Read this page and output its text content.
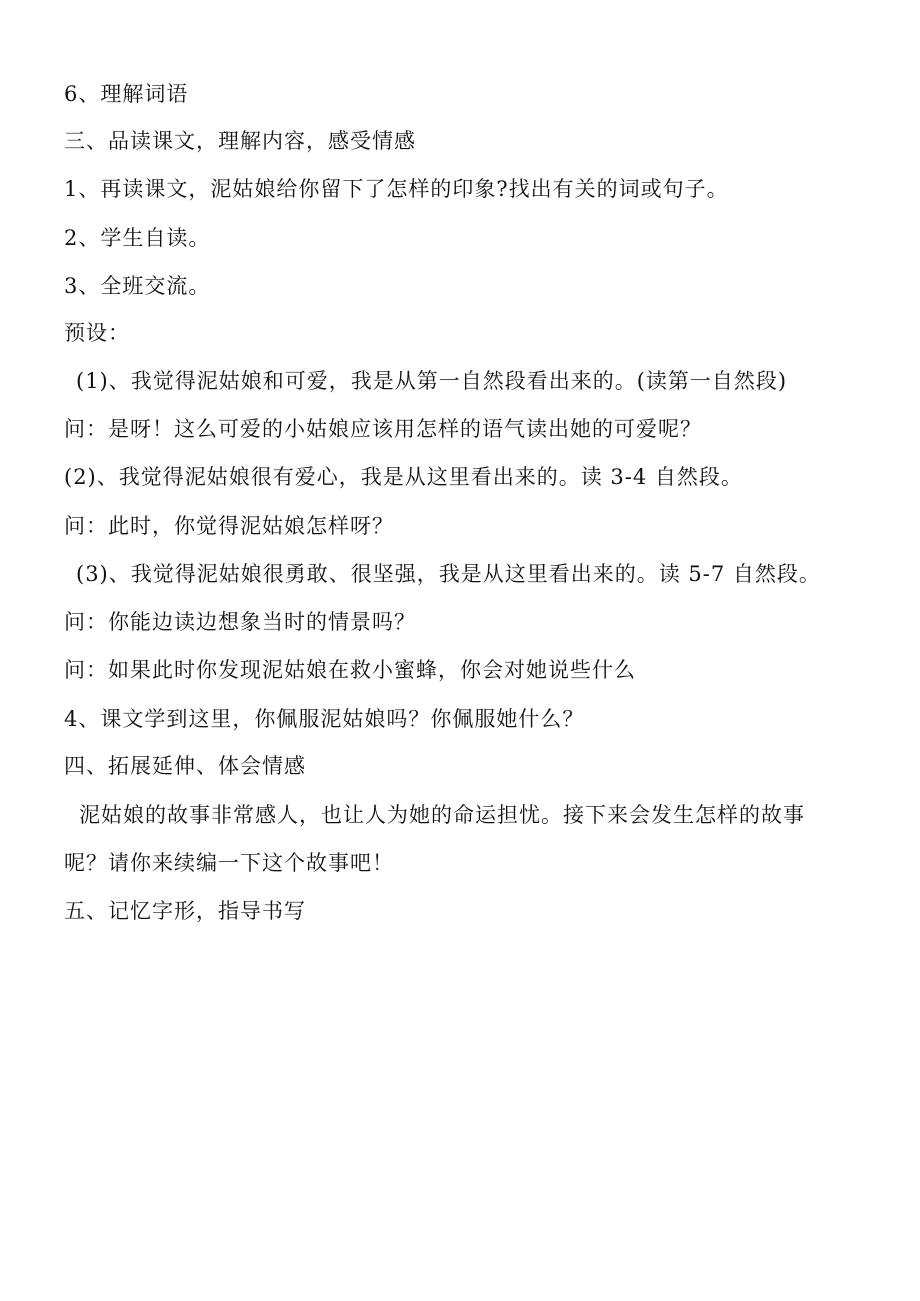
6、理解词语
三、品读课文，理解内容，感受情感
1、再读课文，泥姑娘给你留下了怎样的印象?找出有关的词或句子。
2、学生自读。
3、全班交流。
预设：
(1)、我觉得泥姑娘和可爱，我是从第一自然段看出来的。(读第一自然段)
问：是呀！这么可爱的小姑娘应该用怎样的语气读出她的可爱呢？
(2)、我觉得泥姑娘很有爱心，我是从这里看出来的。读 3-4 自然段。
问：此时，你觉得泥姑娘怎样呀？
(3)、我觉得泥姑娘很勇敢、很坚强，我是从这里看出来的。读 5-7 自然段。
问：你能边读边想象当时的情景吗？
问：如果此时你发现泥姑娘在救小蜜蜂，你会对她说些什么
4、课文学到这里，你佩服泥姑娘吗？你佩服她什么？
四、拓展延伸、体会情感
泥姑娘的故事非常感人，也让人为她的命运担忧。接下来会发生怎样的故事
呢？请你来续编一下这个故事吧！
五、记忆字形，指导书写
